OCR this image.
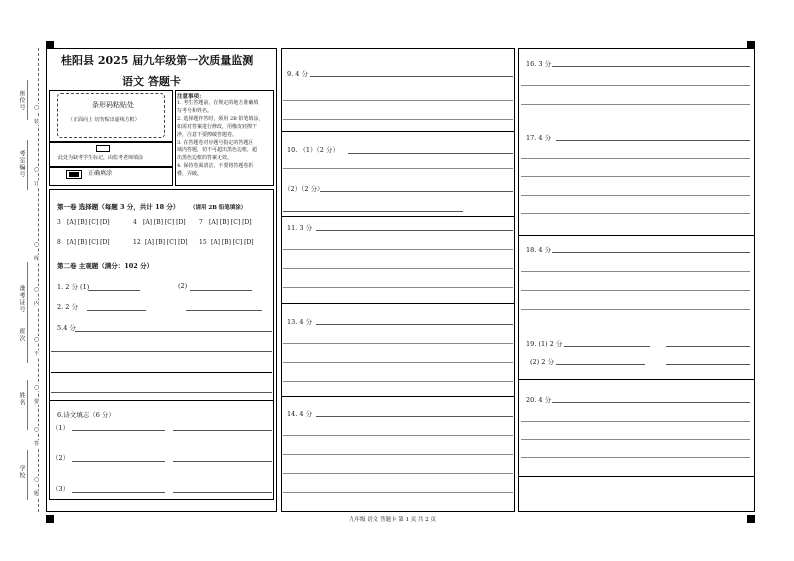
座位号
考室编号
准考证号
班次
姓名
学校
装
○
订
○
线
○
内
○
不
○
要
○
答
○
题
○
桂阳县 2025 届九年级第一次质量监测
语文 答题卡
条形码粘贴处
（正面向上 切勿贴出虚线方框）
此处为缺考学生标记，由监考老师填涂
正确填涂
注意事项：
1. 考生答题前，在规定的地方准确填
写考号和姓名。
2. 选择题作答时，须用 2B 铅笔填涂，
如需对答案进行修改，用橡皮轻擦干
净，注意不要擦破答题卷。
3. 在答题卷对应题号指定的答题区
域内答题，切不可超出黑色边框，超
出黑色边框的答案无效。
4. 保持卷面清洁，不要将答题卷折
叠，弄破。
第一卷 选择题（每题 3 分，共计 18 分） （请用 2B 铅笔填涂）
3 [A] [B] [C] [D]	4 [A] [B] [C] [D] 7 [A] [B] [C] [D]
8 [A] [B] [C] [D]	12 [A] [B] [C] [D] 15 [A] [B] [C] [D]
第二卷 主观题（满分：102 分）
1. 2 分 (1)	(2)
2. 2 分
5.4 分
6.诗文填志（6 分）
（1）
（2）
（3）
9. 4 分
10. （1）（2 分）
（2）（2 分）
11. 3 分
13. 4 分
14. 4 分
16. 3 分
17. 4 分
18. 4 分
19. (1) 2 分
(2) 2 分
20. 4 分
九年级 语文 答题卡 第 1 页 共 2 页
